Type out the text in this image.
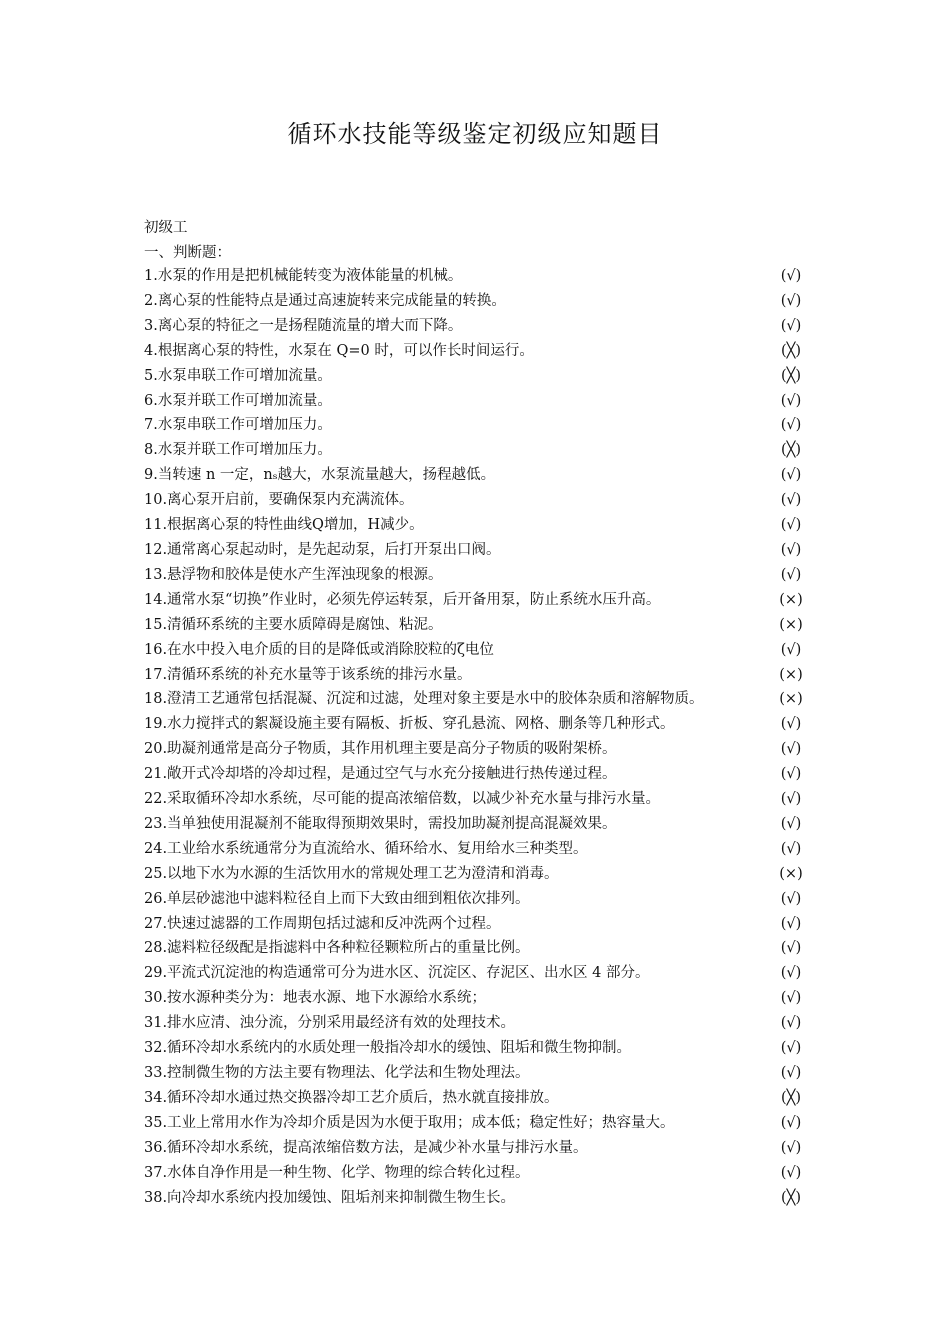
循环水技能等级鉴定初级应知题目
初级工
一、判断题：
1.水泵的作用是把机械能转变为液体能量的机械。	(√)
2.离心泵的性能特点是通过高速旋转来完成能量的转换。	(√)
3.离心泵的特征之一是扬程随流量的增大而下降。	(√)
4.根据离心泵的特性，水泵在 Q=0 时，可以作长时间运行。	(╳)
5.水泵串联工作可增加流量。	(╳)
6.水泵并联工作可增加流量。	(√)
7.水泵串联工作可增加压力。	(√)
8.水泵并联工作可增加压力。	(╳)
9.当转速 n 一定，nₛ越大，水泵流量越大，扬程越低。	(√)
10.离心泵开启前，要确保泵内充满流体。	(√)
11.根据离心泵的特性曲线Q增加，H减少。	(√)
12.通常离心泵起动时，是先起动泵，后打开泵出口阀。	(√)
13.悬浮物和胶体是使水产生浑浊现象的根源。	(√)
14.通常水泵“切换”作业时，必须先停运转泵，后开备用泵，防止系统水压升高。	(×)
15.清循环系统的主要水质障碍是腐蚀、粘泥。	(×)
16.在水中投入电介质的目的是降低或消除胶粒的ζ电位	(√)
17.清循环系统的补充水量等于该系统的排污水量。	(×)
18.澄清工艺通常包括混凝、沉淀和过滤，处理对象主要是水中的胶体杂质和溶解物质。	(×)
19.水力搅拌式的絮凝设施主要有隔板、折板、穿孔悬流、网格、删条等几种形式。	(√)
20.助凝剂通常是高分子物质，其作用机理主要是高分子物质的吸附架桥。	(√)
21.敞开式冷却塔的冷却过程，是通过空气与水充分接触进行热传递过程。	(√)
22.采取循环冷却水系统，尽可能的提高浓缩倍数，以减少补充水量与排污水量。	(√)
23.当单独使用混凝剂不能取得预期效果时，需投加助凝剂提高混凝效果。	(√)
24.工业给水系统通常分为直流给水、循环给水、复用给水三种类型。	(√)
25.以地下水为水源的生活饮用水的常规处理工艺为澄清和消毒。	(×)
26.单层砂滤池中滤料粒径自上而下大致由细到粗依次排列。	(√)
27.快速过滤器的工作周期包括过滤和反冲洗两个过程。	(√)
28.滤料粒径级配是指滤料中各种粒径颗粒所占的重量比例。	(√)
29.平流式沉淀池的构造通常可分为进水区、沉淀区、存泥区、出水区 4 部分。	(√)
30.按水源种类分为：地表水源、地下水源给水系统；	(√)
31.排水应清、浊分流，分别采用最经济有效的处理技术。	(√)
32.循环冷却水系统内的水质处理一般指冷却水的缓蚀、阻垢和微生物抑制。	(√)
33.控制微生物的方法主要有物理法、化学法和生物处理法。	(√)
34.循环冷却水通过热交换器冷却工艺介质后，热水就直接排放。	(╳)
35.工业上常用水作为冷却介质是因为水便于取用；成本低；稳定性好；热容量大。	(√)
36.循环冷却水系统，提高浓缩倍数方法，是减少补水量与排污水量。	(√)
37.水体自净作用是一种生物、化学、物理的综合转化过程。	(√)
38.向冷却水系统内投加缓蚀、阻垢剂来抑制微生物生长。	(╳)
